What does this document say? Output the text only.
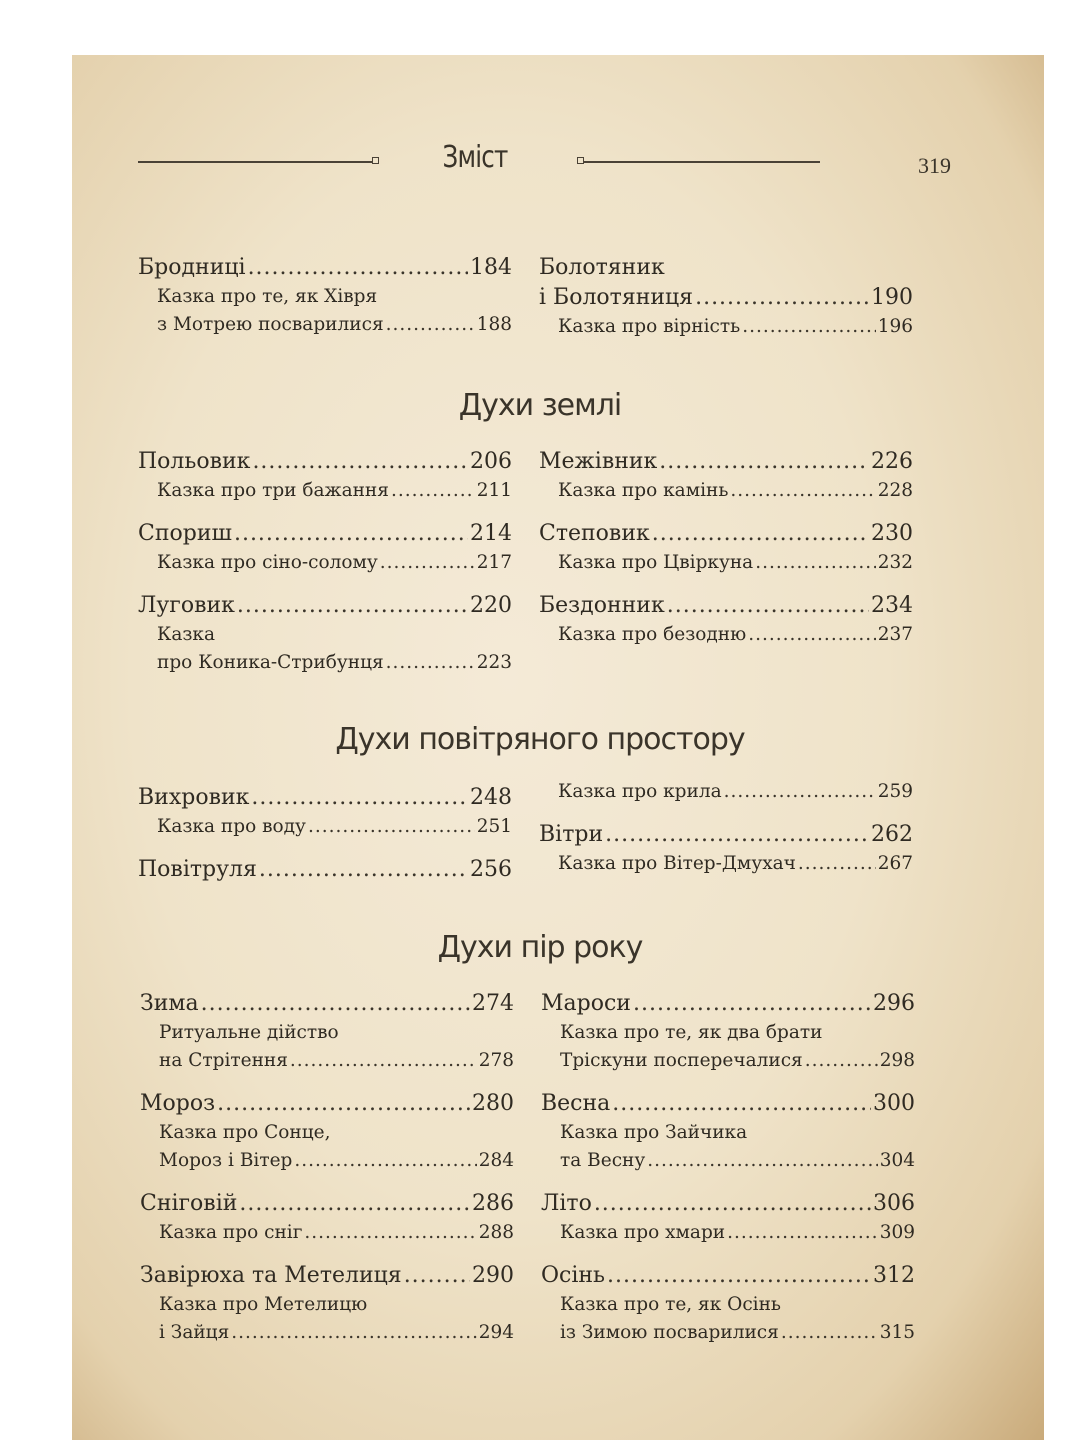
Зміст	319
Бродниці .....	184
Казка про те, як Хівря
з Мотрею посварилися .....	188
Болотяник
і Болотяниця .....	190
Казка про вірність .....	196
Духи землі
Польовик .....	206
Казка про три бажання .....	211
Спориш .....	214
Казка про сіно-солому .....	217
Луговик .....	220
Казка
про Коника-Стрибунця .....	223
Межівник .....	226
Казка про камінь .....	228
Степовик .....	230
Казка про Цвіркуна .....	232
Бездонник .....	234
Казка про безодню .....	237
Духи повітряного простору
Вихровик .....	248
Казка про воду .....	251
Повітруля .....	256
Казка про крила .....	259
Вітри .....	262
Казка про Вітер-Дмухач .....	267
Духи пір року
Зима .....	274
Ритуальне дійство
на Стрітення .....	278
Мороз .....	280
Казка про Сонце,
Мороз і Вітер .....	284
Сніговій .....	286
Казка про сніг .....	288
Завірюха та Метелиця .....	290
Казка про Метелицю
і Зайця .....	294
Мароси .....	296
Казка про те, як два брати
Тріскуни посперечалися .....	298
Весна .....	300
Казка про Зайчика
та Весну .....	304
Літо .....	306
Казка про хмари .....	309
Осінь .....	312
Казка про те, як Осінь
із Зимою посварилися .....	315
